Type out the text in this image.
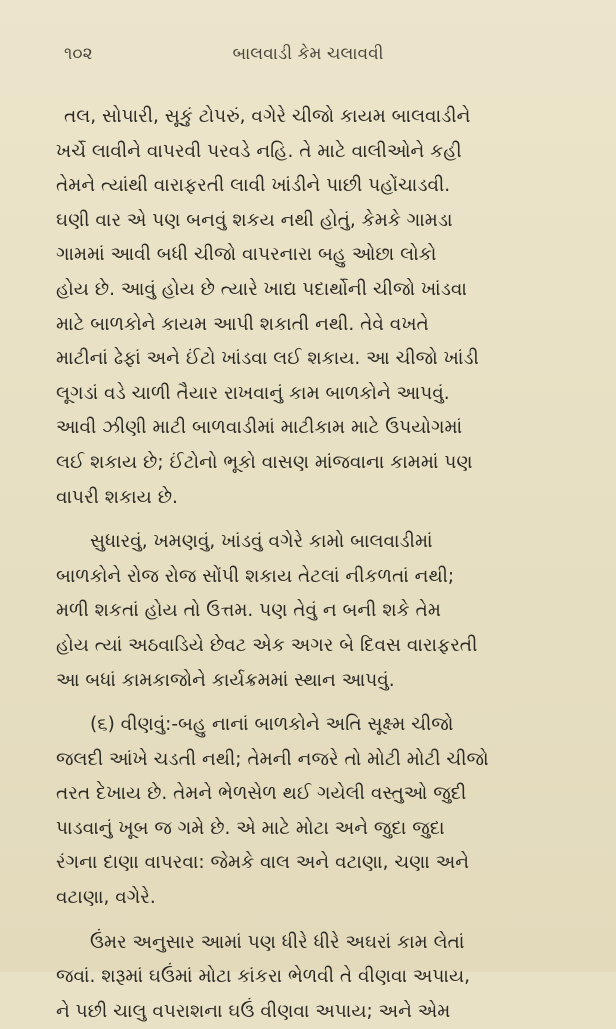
૧૦૨	બાલવાડી કેમ ચલાવવી
તલ, સોપારી, સૂકું ટોપરું, વગેરે ચીજો કાયમ બાલવાડીને
ખર્ચે લાવીને વાપરવી પરવડે નહિ. તે માટે વાલીઓને કહી
તેમને ત્યાંથી વારાફરતી લાવી ખાંડીને પાછી પહોંચાડવી.
ઘણી વાર એ પણ બનવું શકય નથી હોતું, કેમકે ગામડા
ગામમાં આવી બધી ચીજો વાપરનારા બહુ ઓછા લોકો
હોય છે. આવું હોય છે ત્યારે ખાદ્ય પદાર્થોની ચીજો ખાંડવા
માટે બાળકોને કાયમ આપી શકાતી નથી. તેવે વખતે
માટીનાં ઢેફાં અને ઈંટો ખાંડવા લઈ શકાય. આ ચીજો ખાંડી
લૂગડાં વડે ચાળી તૈયાર રાખવાનું કામ બાળકોને આપવું.
આવી ઝીણી માટી બાળવાડીમાં માટીકામ માટે ઉપયોગમાં
લઈ શકાય છે; ઈંટોનો ભૂકો વાસણ માંજવાના કામમાં પણ
વાપરી શકાય છે.
સુધારવું, ખમણવું, ખાંડવું વગેરે કામો બાલવાડીમાં
બાળકોને રોજ રોજ સોંપી શકાય તેટલાં નીકળતાં નથી;
મળી શકતાં હોય તો ઉત્તમ. પણ તેવું ન બની શકે તેમ
હોય ત્યાં અઠવાડિયે છેવટ એક અગર બે દિવસ વારાફરતી
આ બધાં કામકાજોને કાર્યક્રમમાં સ્થાન આપવું.
(૬) વીણવું:-બહુ નાનાં બાળકોને અતિ સૂક્ષ્મ ચીજો
જલદી આંખે ચડતી નથી; તેમની નજરે તો મોટી મોટી ચીજો
તરત દેખાય છે. તેમને ભેળસેળ થઈ ગયેલી વસ્તુઓ જુદી
પાડવાનું ખૂબ જ ગમે છે. એ માટે મોટા અને જુદા જુદા
રંગના દાણા વાપરવા: જેમકે વાલ અને વટાણા, ચણા અને
વટાણા, વગેરે.
ઉંમર અનુસાર આમાં પણ ધીરે ધીરે અઘરાં કામ લેતાં
જવાં. શરૂમાં ઘઉંમાં મોટા કાંકરા ભેળવી તે વીણવા અપાય,
ને પછી ચાલુ વપરાશના ઘઉં વીણવા અપાય; અને એમ
